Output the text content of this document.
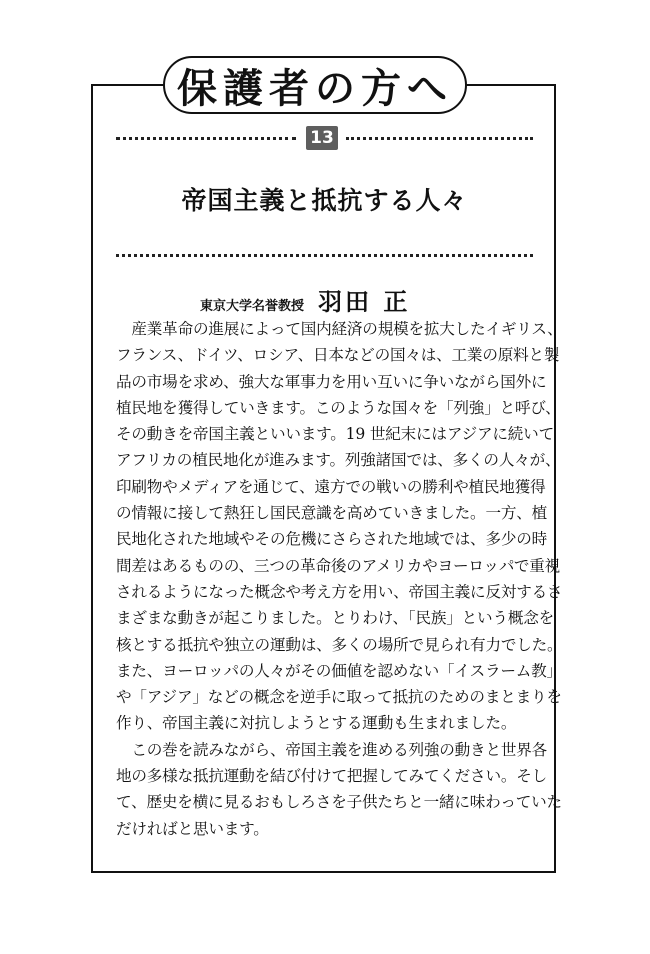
保護者の方へ
13
帝国主義と抵抗する人々
東京大学名誉教授 羽田 正
　産業革命の進展によって国内経済の規模を拡大したイギリス、
フランス、ドイツ、ロシア、日本などの国々は、工業の原料と製
品の市場を求め、強大な軍事力を用い互いに争いながら国外に
植民地を獲得していきます。このような国々を「列強」と呼び、
その動きを帝国主義といいます。19 世紀末にはアジアに続いて
アフリカの植民地化が進みます。列強諸国では、多くの人々が、
印刷物やメディアを通じて、遠方での戦いの勝利や植民地獲得
の情報に接して熱狂し国民意識を高めていきました。一方、植
民地化された地域やその危機にさらされた地域では、多少の時
間差はあるものの、三つの革命後のアメリカやヨーロッパで重視
されるようになった概念や考え方を用い、帝国主義に反対するさ
まざまな動きが起こりました。とりわけ、「民族」という概念を
核とする抵抗や独立の運動は、多くの場所で見られ有力でした。
また、ヨーロッパの人々がその価値を認めない「イスラーム教」
や「アジア」などの概念を逆手に取って抵抗のためのまとまりを
作り、帝国主義に対抗しようとする運動も生まれました。
　この巻を読みながら、帝国主義を進める列強の動きと世界各
地の多様な抵抗運動を結び付けて把握してみてください。そし
て、歴史を横に見るおもしろさを子供たちと一緒に味わっていた
だければと思います。
